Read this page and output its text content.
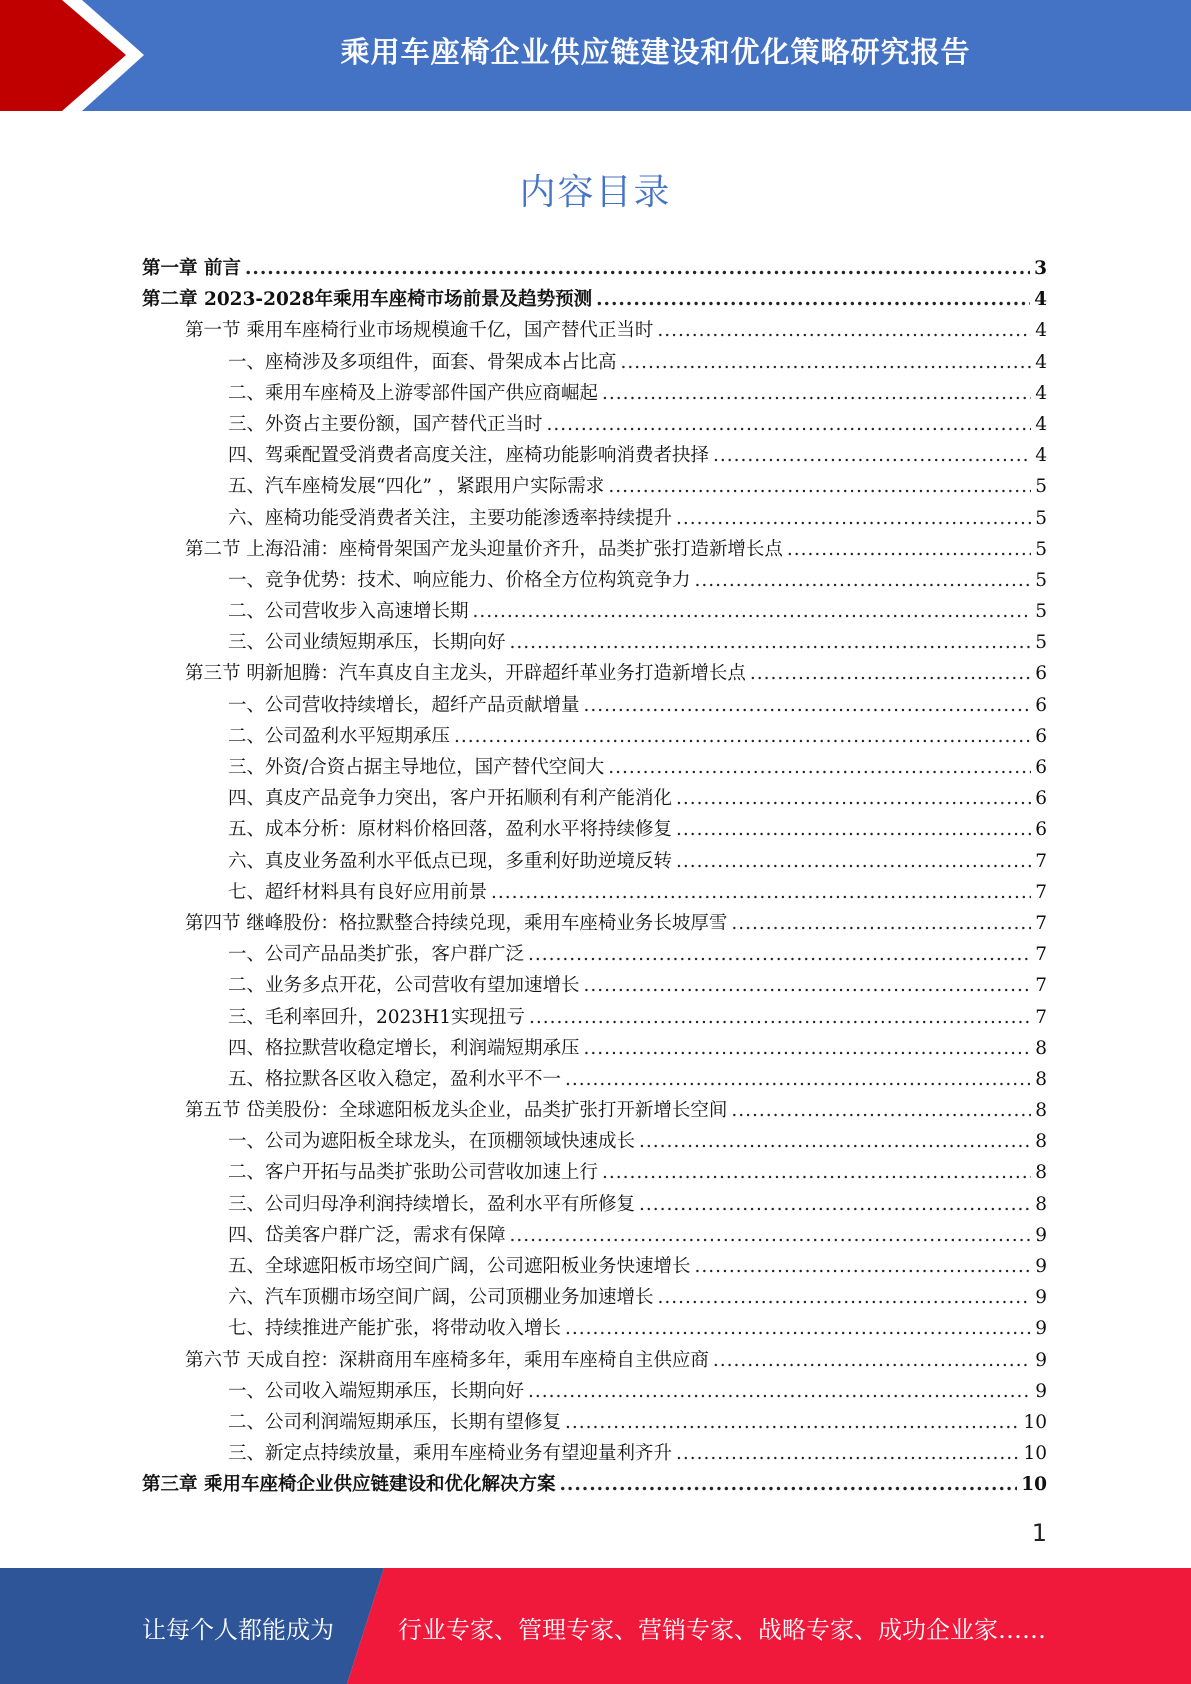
乘用车座椅企业供应链建设和优化策略研究报告
内容目录
第一章 前言 .....	3
第二章 2023-2028年乘用车座椅市场前景及趋势预测 .....	4
第一节 乘用车座椅行业市场规模逾千亿，国产替代正当时 .....	4
一、座椅涉及多项组件，面套、骨架成本占比高 .....	4
二、乘用车座椅及上游零部件国产供应商崛起 .....	4
三、外资占主要份额，国产替代正当时 .....	4
四、驾乘配置受消费者高度关注，座椅功能影响消费者抉择 .....	4
五、汽车座椅发展“四化” ，紧跟用户实际需求 .....	5
六、座椅功能受消费者关注，主要功能渗透率持续提升 .....	5
第二节 上海沿浦：座椅骨架国产龙头迎量价齐升，品类扩张打造新增长点 .....	5
一、竞争优势：技术、响应能力、价格全方位构筑竞争力 .....	5
二、公司营收步入高速增长期 .....	5
三、公司业绩短期承压，长期向好 .....	5
第三节 明新旭腾：汽车真皮自主龙头，开辟超纤革业务打造新增长点 .....	6
一、公司营收持续增长，超纤产品贡献增量 .....	6
二、公司盈利水平短期承压 .....	6
三、外资/合资占据主导地位，国产替代空间大 .....	6
四、真皮产品竞争力突出，客户开拓顺利有利产能消化 .....	6
五、成本分析：原材料价格回落，盈利水平将持续修复 .....	6
六、真皮业务盈利水平低点已现，多重利好助逆境反转 .....	7
七、超纤材料具有良好应用前景 .....	7
第四节 继峰股份：格拉默整合持续兑现，乘用车座椅业务长坡厚雪 .....	7
一、公司产品品类扩张，客户群广泛 .....	7
二、业务多点开花，公司营收有望加速增长 .....	7
三、毛利率回升，2023H1实现扭亏 .....	7
四、格拉默营收稳定增长，利润端短期承压 .....	8
五、格拉默各区收入稳定，盈利水平不一 .....	8
第五节 岱美股份：全球遮阳板龙头企业，品类扩张打开新增长空间 .....	8
一、公司为遮阳板全球龙头，在顶棚领域快速成长 .....	8
二、客户开拓与品类扩张助公司营收加速上行 .....	8
三、公司归母净利润持续增长，盈利水平有所修复 .....	8
四、岱美客户群广泛，需求有保障 .....	9
五、全球遮阳板市场空间广阔，公司遮阳板业务快速增长 .....	9
六、汽车顶棚市场空间广阔，公司顶棚业务加速增长 .....	9
七、持续推进产能扩张，将带动收入增长 .....	9
第六节 天成自控：深耕商用车座椅多年，乘用车座椅自主供应商 .....	9
一、公司收入端短期承压，长期向好 .....	9
二、公司利润端短期承压，长期有望修复 .....	10
三、新定点持续放量，乘用车座椅业务有望迎量利齐升 .....	10
第三章 乘用车座椅企业供应链建设和优化解决方案 .....	10
1
让每个人都能成为	行业专家、管理专家、营销专家、战略专家、成功企业家……
